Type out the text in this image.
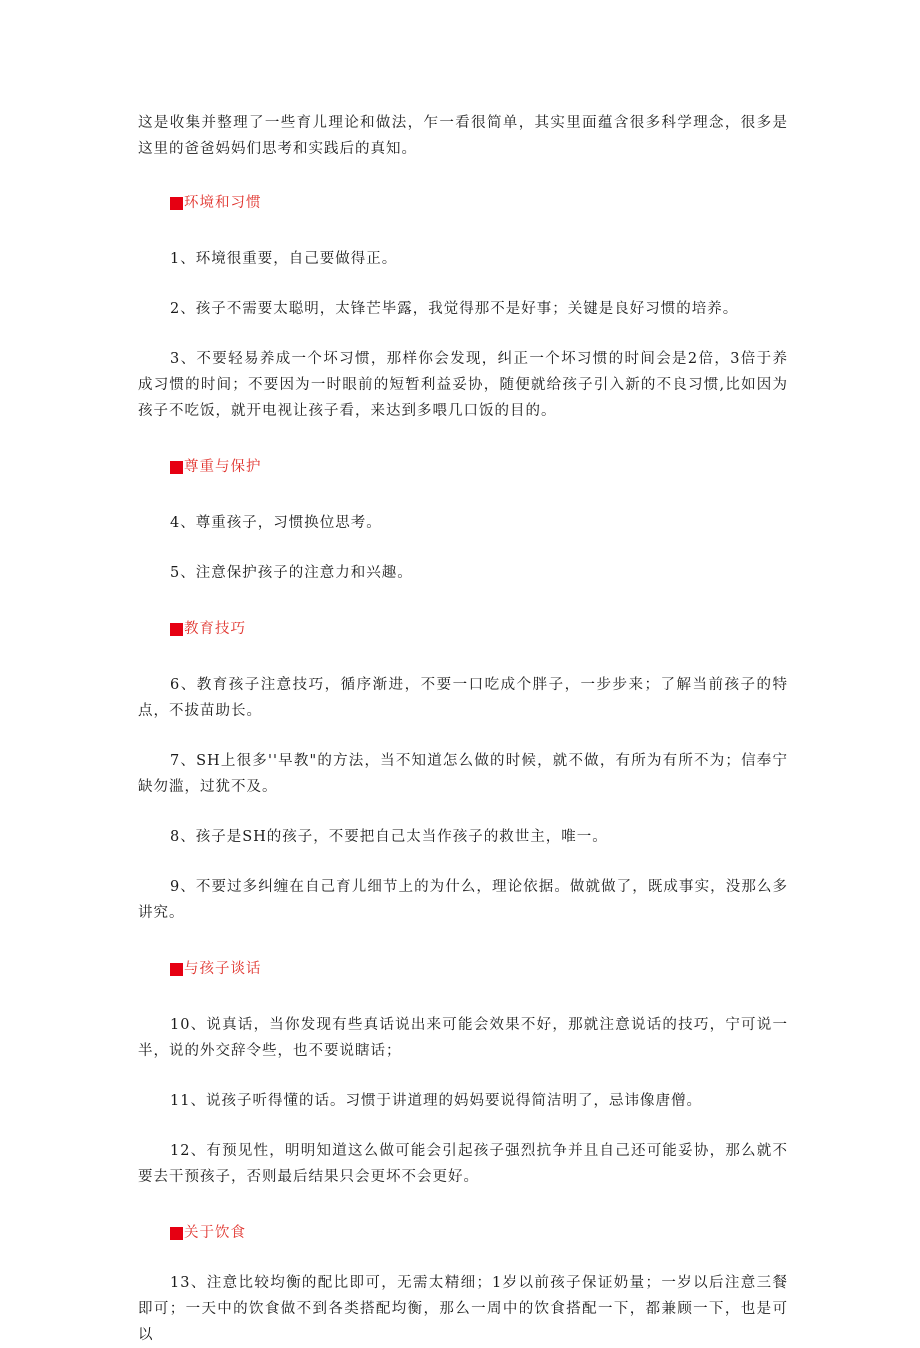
这是收集并整理了一些育儿理论和做法，乍一看很简单，其实里面蕴含很多科学理念，很多是这里的爸爸妈妈们思考和实践后的真知。

环境和习惯

1、环境很重要，自己要做得正。

2、孩子不需要太聪明，太锋芒毕露，我觉得那不是好事；关键是良好习惯的培养。

3、不要轻易养成一个坏习惯，那样你会发现，纠正一个坏习惯的时间会是2倍，3倍于养成习惯的时间；不要因为一时眼前的短暂利益妥协，随便就给孩子引入新的不良习惯,比如因为孩子不吃饭，就开电视让孩子看，来达到多喂几口饭的目的。

尊重与保护

4、尊重孩子，习惯换位思考。

5、注意保护孩子的注意力和兴趣。

教育技巧

6、教育孩子注意技巧，循序渐进，不要一口吃成个胖子，一步步来；了解当前孩子的特点，不拔苗助长。

7、SH上很多''早教"的方法，当不知道怎么做的时候，就不做，有所为有所不为；信奉宁缺勿滥，过犹不及。

8、孩子是SH的孩子，不要把自己太当作孩子的救世主，唯一。

9、不要过多纠缠在自己育儿细节上的为什么，理论依据。做就做了，既成事实，没那么多讲究。

与孩子谈话

10、说真话，当你发现有些真话说出来可能会效果不好，那就注意说话的技巧，宁可说一半，说的外交辞令些，也不要说瞎话；

11、说孩子听得懂的话。习惯于讲道理的妈妈要说得简洁明了，忌讳像唐僧。

12、有预见性，明明知道这么做可能会引起孩子强烈抗争并且自己还可能妥协，那么就不要去干预孩子，否则最后结果只会更坏不会更好。

关于饮食

13、注意比较均衡的配比即可，无需太精细；1岁以前孩子保证奶量；一岁以后注意三餐即可；一天中的饮食做不到各类搭配均衡，那么一周中的饮食搭配一下，都兼顾一下，也是可以
